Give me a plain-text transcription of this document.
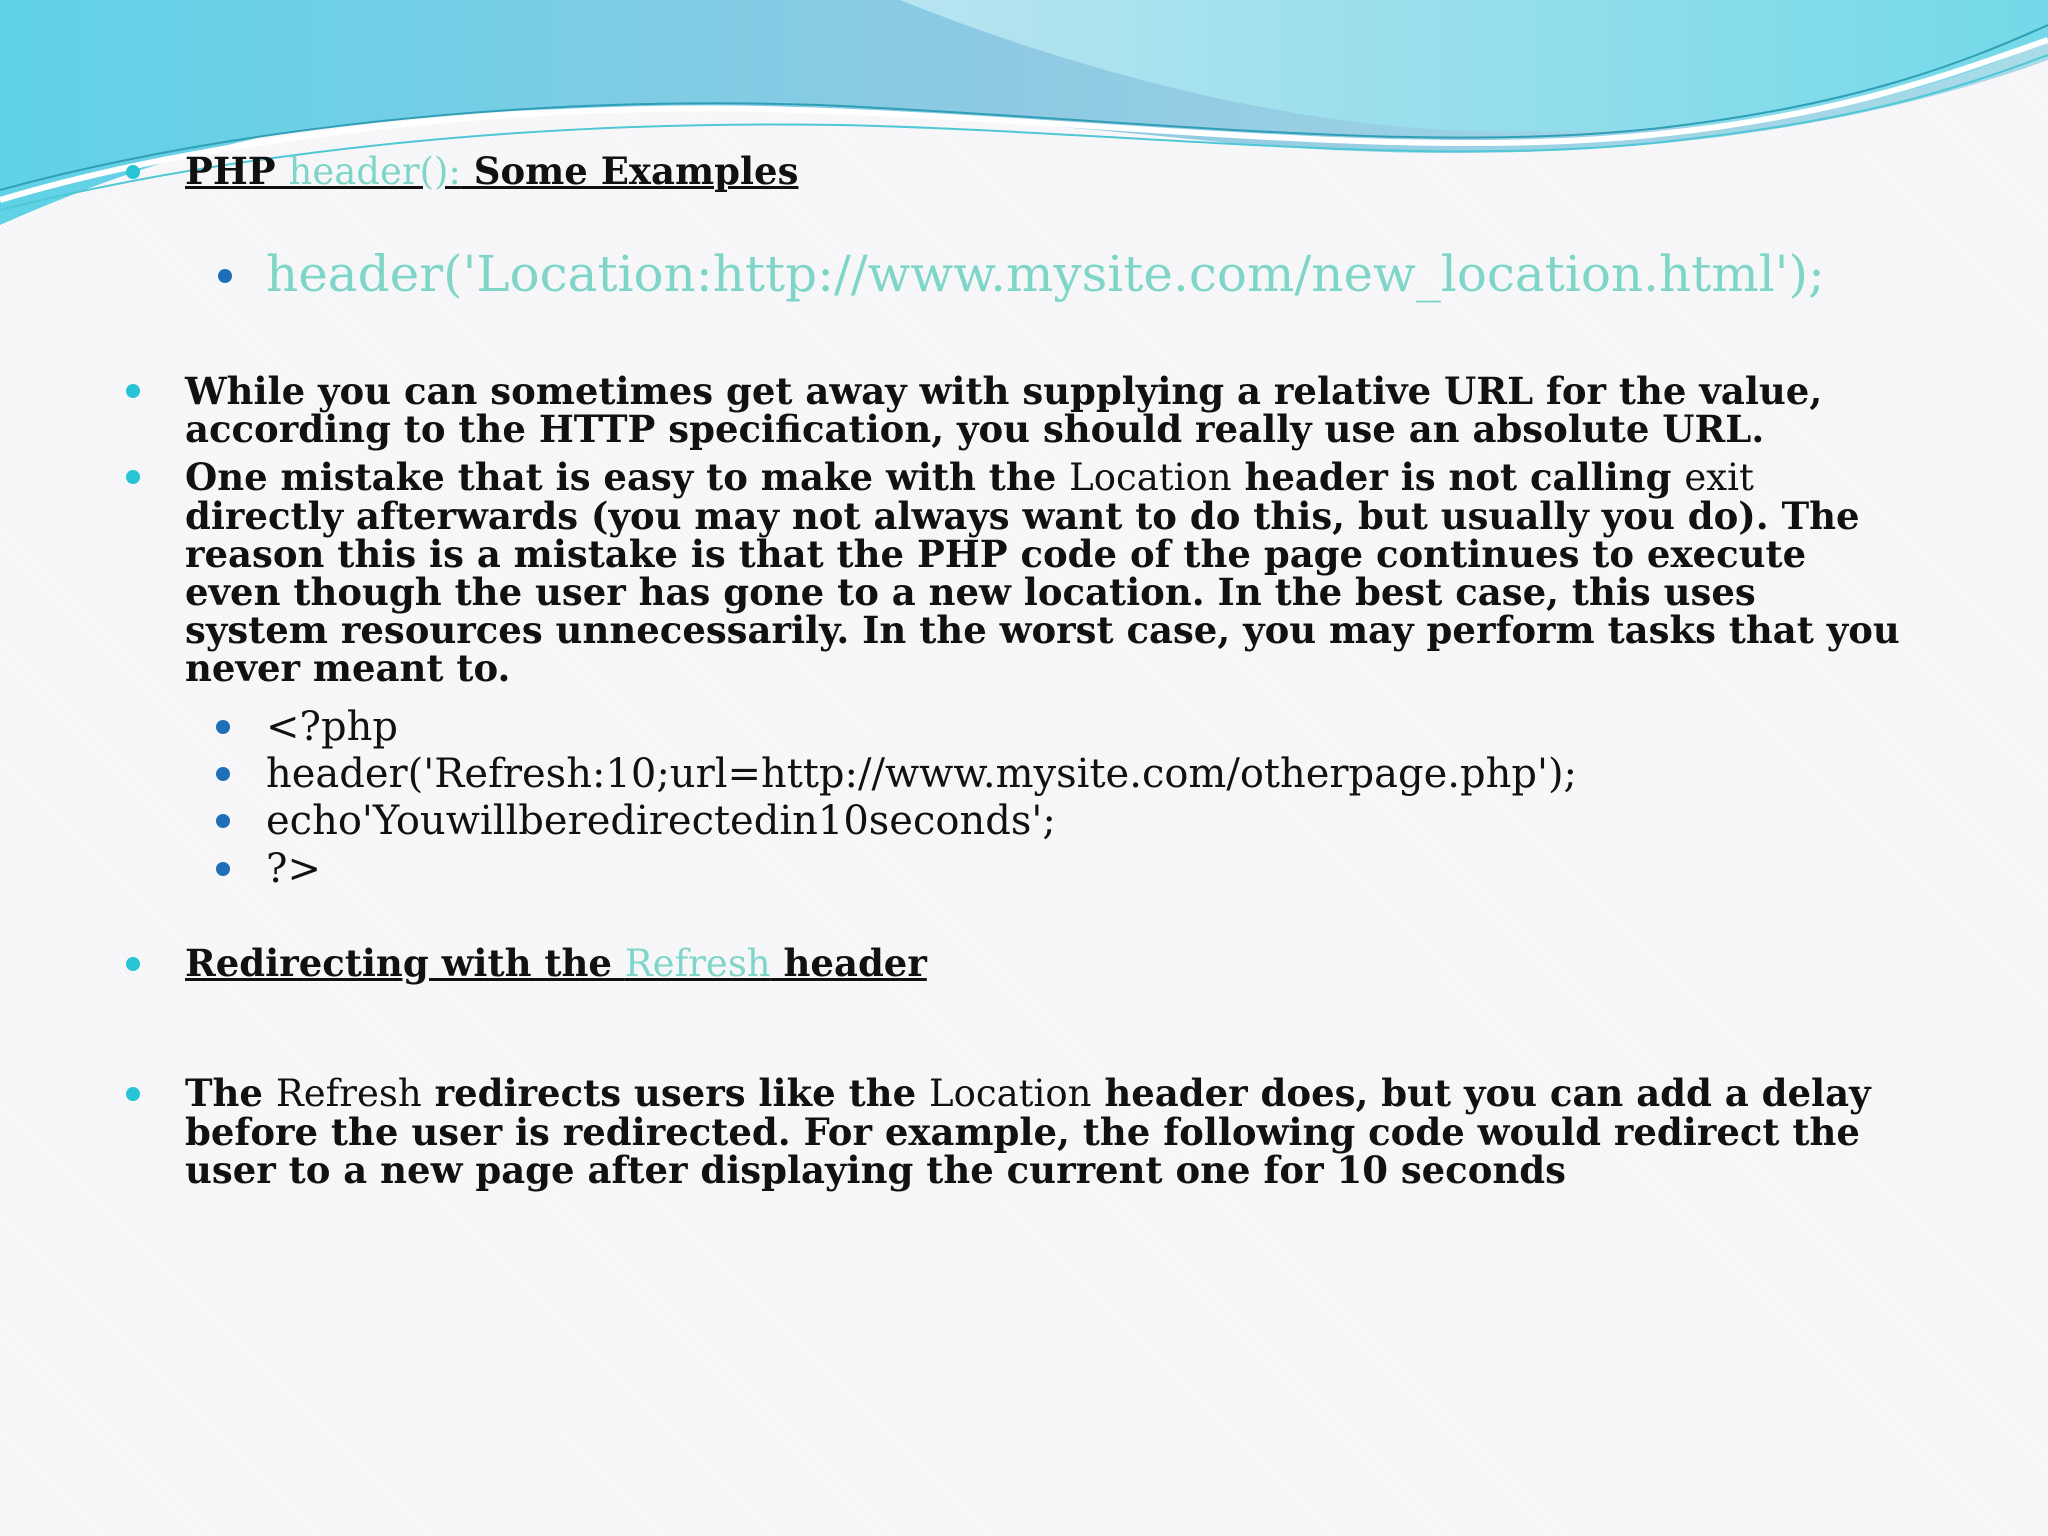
PHP header(): Some Examples
header('Location:http://www.mysite.com/new_location.html');
While you can sometimes get away with supplying a relative URL for the value, according to the HTTP specification, you should really use an absolute URL.
One mistake that is easy to make with the Location header is not calling exit directly afterwards (you may not always want to do this, but usually you do). The reason this is a mistake is that the PHP code of the page continues to execute even though the user has gone to a new location. In the best case, this uses system resources unnecessarily. In the worst case, you may perform tasks that you never meant to.
<?php
header('Refresh:10;url=http://www.mysite.com/otherpage.php');
echo'Youwillberedirectedin10seconds';
?>
Redirecting with the Refresh header
The Refresh redirects users like the Location header does, but you can add a delay before the user is redirected. For example, the following code would redirect the user to a new page after displaying the current one for 10 seconds
